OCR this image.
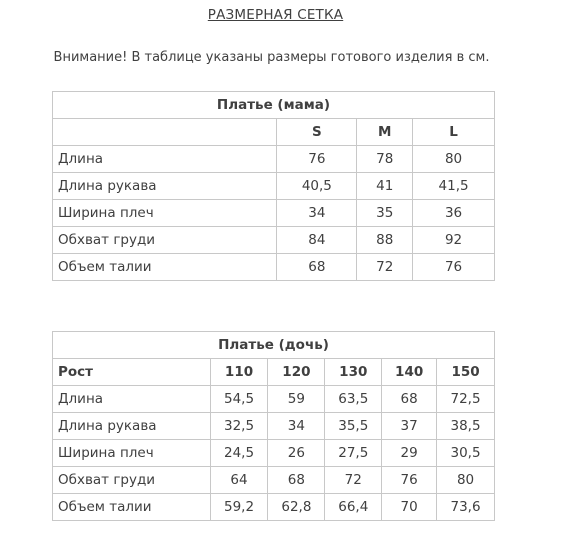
РАЗМЕРНАЯ СЕТКА
Внимание! В таблице указаны размеры готового изделия в см.
Платье (мама)			
	S	M	L
Длина	76	78	80
Длина рукава	40,5	41	41,5
Ширина плеч	34	35	36
Обхват груди	84	88	92
Объем талии	68	72	76
Платье (дочь)					
Рост	110	120	130	140	150
Длина	54,5	59	63,5	68	72,5
Длина рукава	32,5	34	35,5	37	38,5
Ширина плеч	24,5	26	27,5	29	30,5
Обхват груди	64	68	72	76	80
Объем талии	59,2	62,8	66,4	70	73,6
